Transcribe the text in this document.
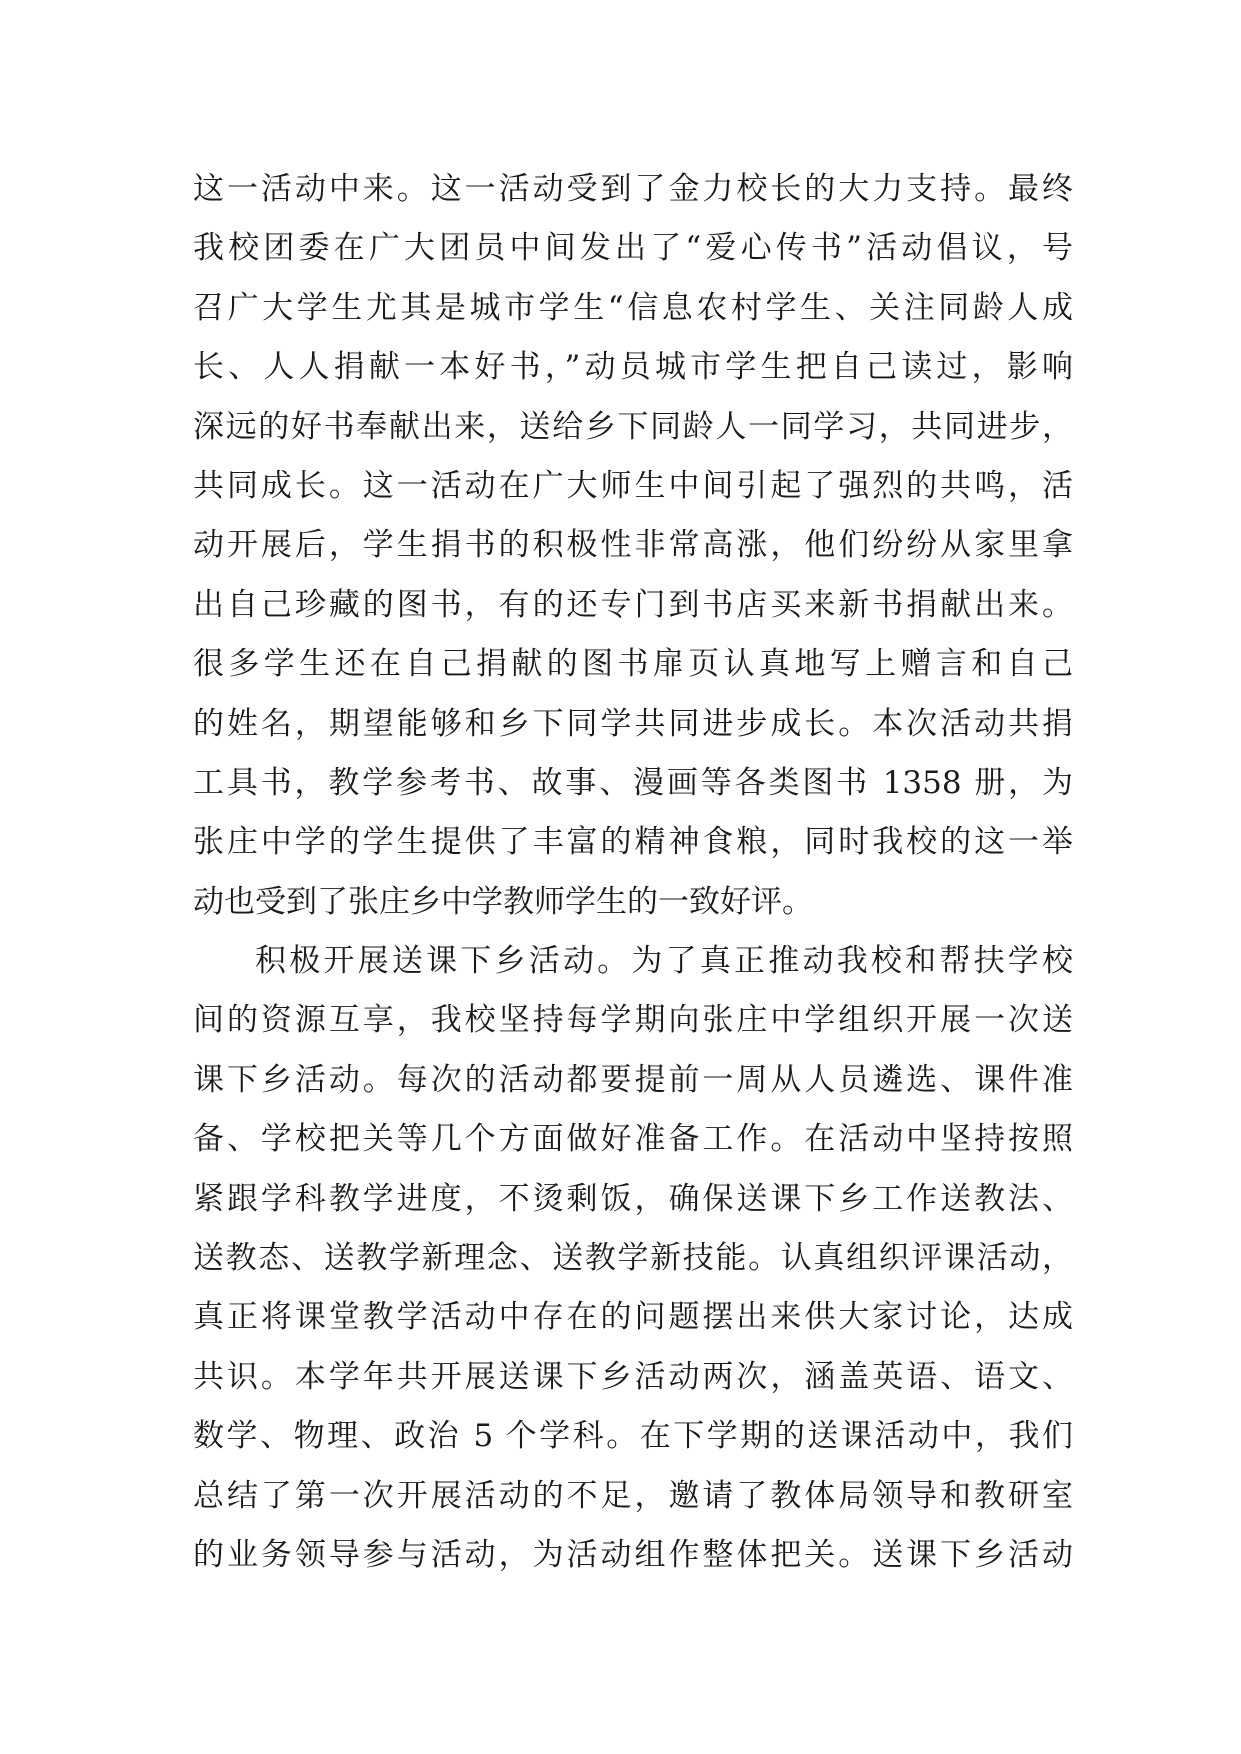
这一活动中来。这一活动受到了金力校长的大力支持。最终
我校团委在广大团员中间发出了“爱心传书”活动倡议，号
召广大学生尤其是城市学生“信息农村学生、关注同龄人成
长、人人捐献一本好书，”动员城市学生把自己读过，影响
深远的好书奉献出来，送给乡下同龄人一同学习，共同进步，
共同成长。这一活动在广大师生中间引起了强烈的共鸣，活
动开展后，学生捐书的积极性非常高涨，他们纷纷从家里拿
出自己珍藏的图书，有的还专门到书店买来新书捐献出来。
很多学生还在自己捐献的图书扉页认真地写上赠言和自己
的姓名，期望能够和乡下同学共同进步成长。本次活动共捐
工具书，教学参考书、故事、漫画等各类图书 1358 册，为
张庄中学的学生提供了丰富的精神食粮，同时我校的这一举
动也受到了张庄乡中学教师学生的一致好评。
积极开展送课下乡活动。为了真正推动我校和帮扶学校
间的资源互享，我校坚持每学期向张庄中学组织开展一次送
课下乡活动。每次的活动都要提前一周从人员遴选、课件准
备、学校把关等几个方面做好准备工作。在活动中坚持按照
紧跟学科教学进度，不烫剩饭，确保送课下乡工作送教法、
送教态、送教学新理念、送教学新技能。认真组织评课活动，
真正将课堂教学活动中存在的问题摆出来供大家讨论，达成
共识。本学年共开展送课下乡活动两次，涵盖英语、语文、
数学、物理、政治 5 个学科。在下学期的送课活动中，我们
总结了第一次开展活动的不足，邀请了教体局领导和教研室
的业务领导参与活动，为活动组作整体把关。送课下乡活动
